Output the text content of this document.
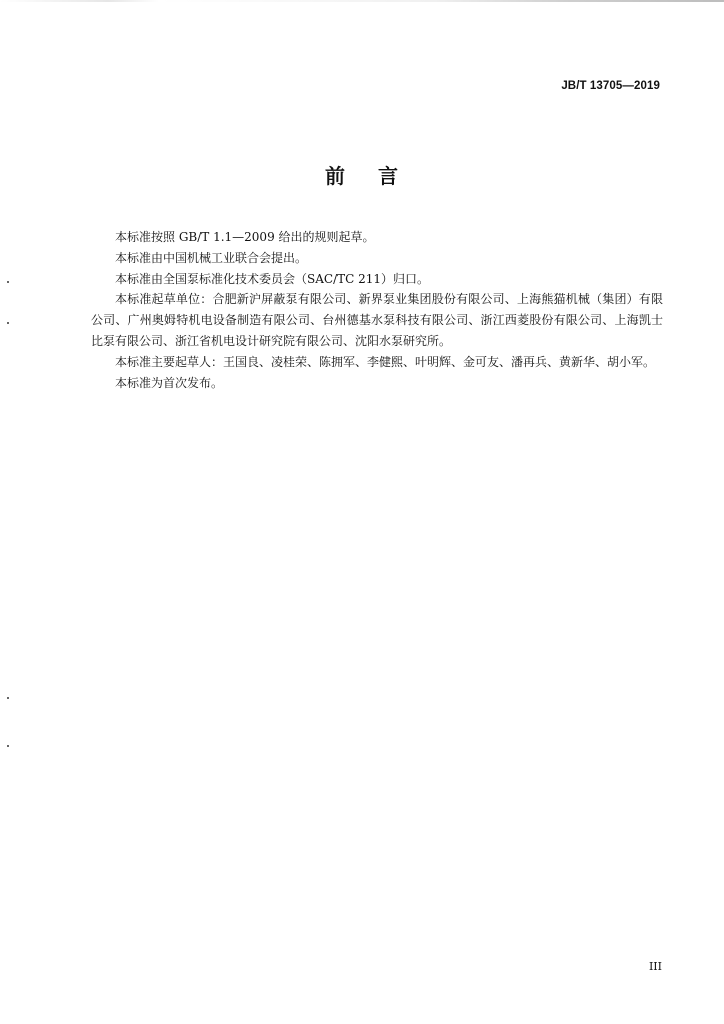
JB/T 13705—2019
前 言

本标准按照 GB/T 1.1—2009 给出的规则起草。

本标准由中国机械工业联合会提出。

本标准由全国泵标准化技术委员会（SAC/TC 211）归口。

本标准起草单位：合肥新沪屏蔽泵有限公司、新界泵业集团股份有限公司、上海熊猫机械（集团）有限公司、广州奥姆特机电设备制造有限公司、台州德基水泵科技有限公司、浙江西菱股份有限公司、上海凯士比泵有限公司、浙江省机电设计研究院有限公司、沈阳水泵研究所。

本标准主要起草人：王国良、凌桂荣、陈拥军、李健熙、叶明辉、金可友、潘再兵、黄新华、胡小军。

本标准为首次发布。

III
